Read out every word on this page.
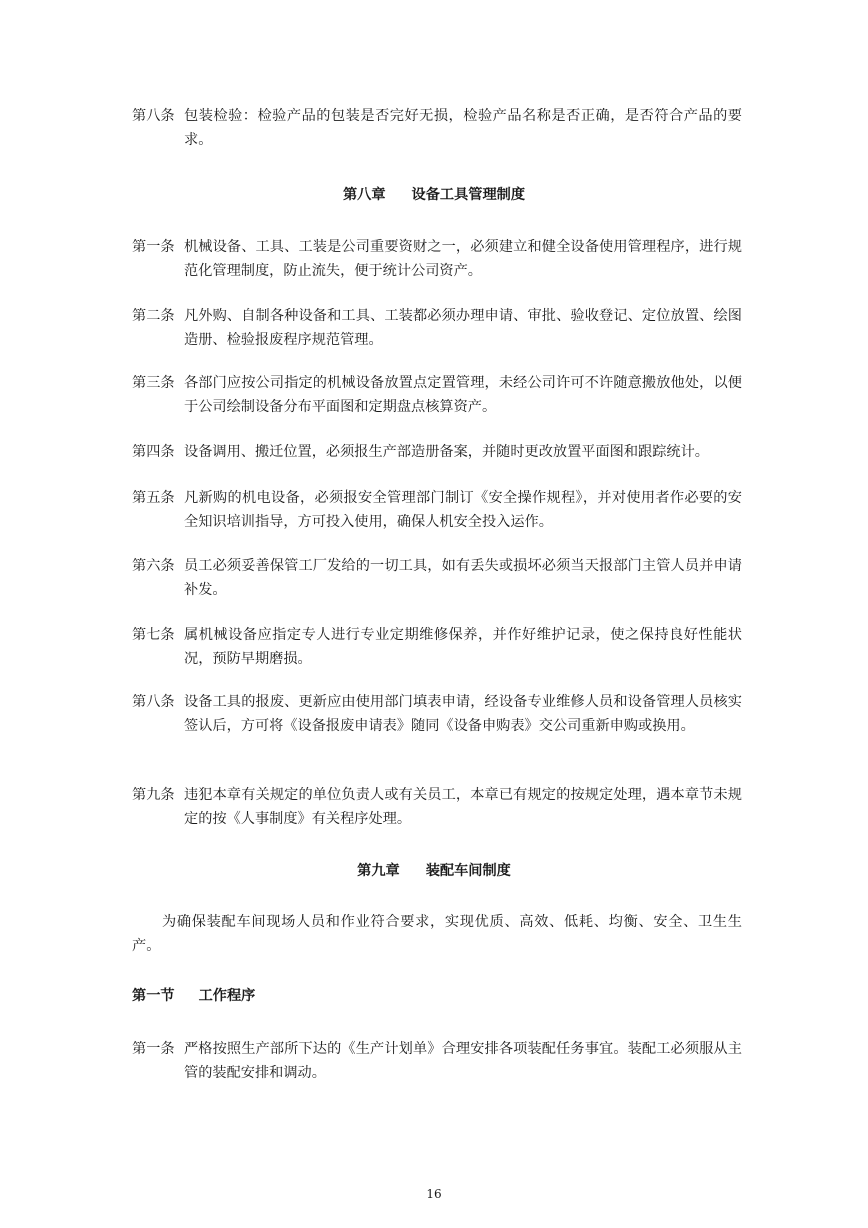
第八条 包装检验：检验产品的包装是否完好无损，检验产品名称是否正确，是否符合产品的要求。
第八章 设备工具管理制度
第一条 机械设备、工具、工装是公司重要资财之一，必须建立和健全设备使用管理程序，进行规范化管理制度，防止流失，便于统计公司资产。
第二条 凡外购、自制各种设备和工具、工装都必须办理申请、审批、验收登记、定位放置、绘图造册、检验报废程序规范管理。
第三条 各部门应按公司指定的机械设备放置点定置管理，未经公司许可不许随意搬放他处，以便于公司绘制设备分布平面图和定期盘点核算资产。
第四条 设备调用、搬迁位置，必须报生产部造册备案，并随时更改放置平面图和跟踪统计。
第五条 凡新购的机电设备，必须报安全管理部门制订《安全操作规程》，并对使用者作必要的安全知识培训指导，方可投入使用，确保人机安全投入运作。
第六条 员工必须妥善保管工厂发给的一切工具，如有丢失或损坏必须当天报部门主管人员并申请补发。
第七条 属机械设备应指定专人进行专业定期维修保养，并作好维护记录，使之保持良好性能状况，预防早期磨损。
第八条 设备工具的报废、更新应由使用部门填表申请，经设备专业维修人员和设备管理人员核实签认后，方可将《设备报废申请表》随同《设备申购表》交公司重新申购或换用。
第九条 违犯本章有关规定的单位负责人或有关员工，本章已有规定的按规定处理，遇本章节未规定的按《人事制度》有关程序处理。
第九章 装配车间制度
为确保装配车间现场人员和作业符合要求，实现优质、高效、低耗、均衡、安全、卫生生产。
第一节 工作程序
第一条 严格按照生产部所下达的《生产计划单》合理安排各项装配任务事宜。装配工必须服从主管的装配安排和调动。
16
